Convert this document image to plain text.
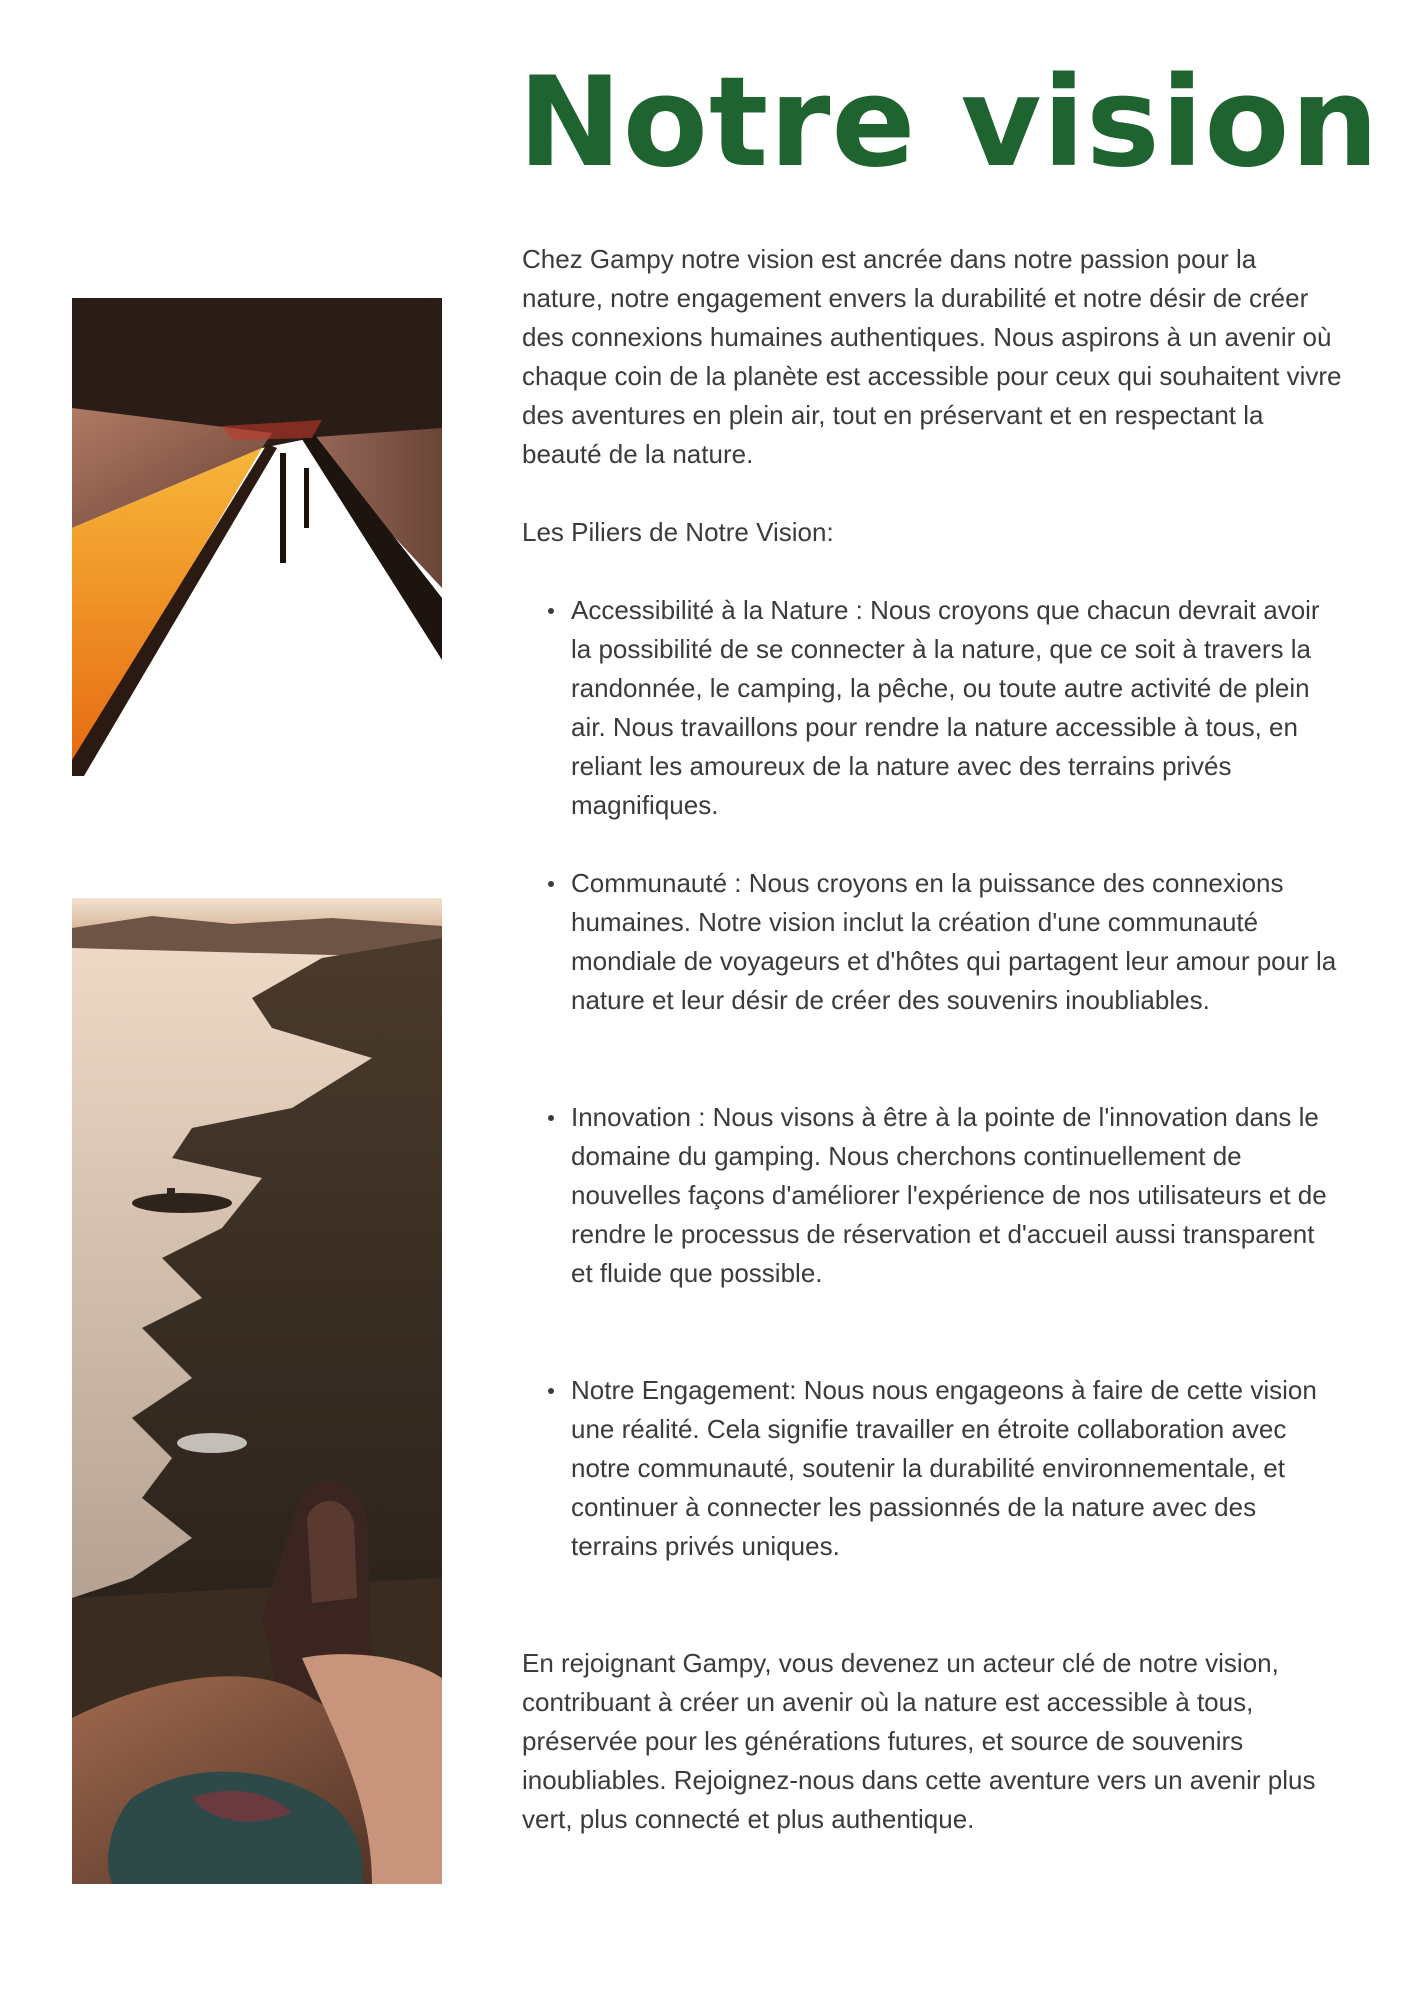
Notre vision

Chez Gampy notre vision est ancrée dans notre passion pour la nature, notre engagement envers la durabilité et notre désir de créer des connexions humaines authentiques. Nous aspirons à un avenir où chaque coin de la planète est accessible pour ceux qui souhaitent vivre des aventures en plein air, tout en préservant et en respectant la beauté de la nature.

Les Piliers de Notre Vision:

Accessibilité à la Nature : Nous croyons que chacun devrait avoir la possibilité de se connecter à la nature, que ce soit à travers la randonnée, le camping, la pêche, ou toute autre activité de plein air. Nous travaillons pour rendre la nature accessible à tous, en reliant les amoureux de la nature avec des terrains privés magnifiques.
Communauté : Nous croyons en la puissance des connexions humaines. Notre vision inclut la création d'une communauté mondiale de voyageurs et d'hôtes qui partagent leur amour pour la nature et leur désir de créer des souvenirs inoubliables.
Innovation : Nous visons à être à la pointe de l'innovation dans le domaine du gamping. Nous cherchons continuellement de nouvelles façons d'améliorer l'expérience de nos utilisateurs et de rendre le processus de réservation et d'accueil aussi transparent et fluide que possible.
Notre Engagement: Nous nous engageons à faire de cette vision une réalité. Cela signifie travailler en étroite collaboration avec notre communauté, soutenir la durabilité environnementale, et continuer à connecter les passionnés de la nature avec des terrains privés uniques.

En rejoignant Gampy, vous devenez un acteur clé de notre vision, contribuant à créer un avenir où la nature est accessible à tous, préservée pour les générations futures, et source de souvenirs inoubliables. Rejoignez-nous dans cette aventure vers un avenir plus vert, plus connecté et plus authentique.
